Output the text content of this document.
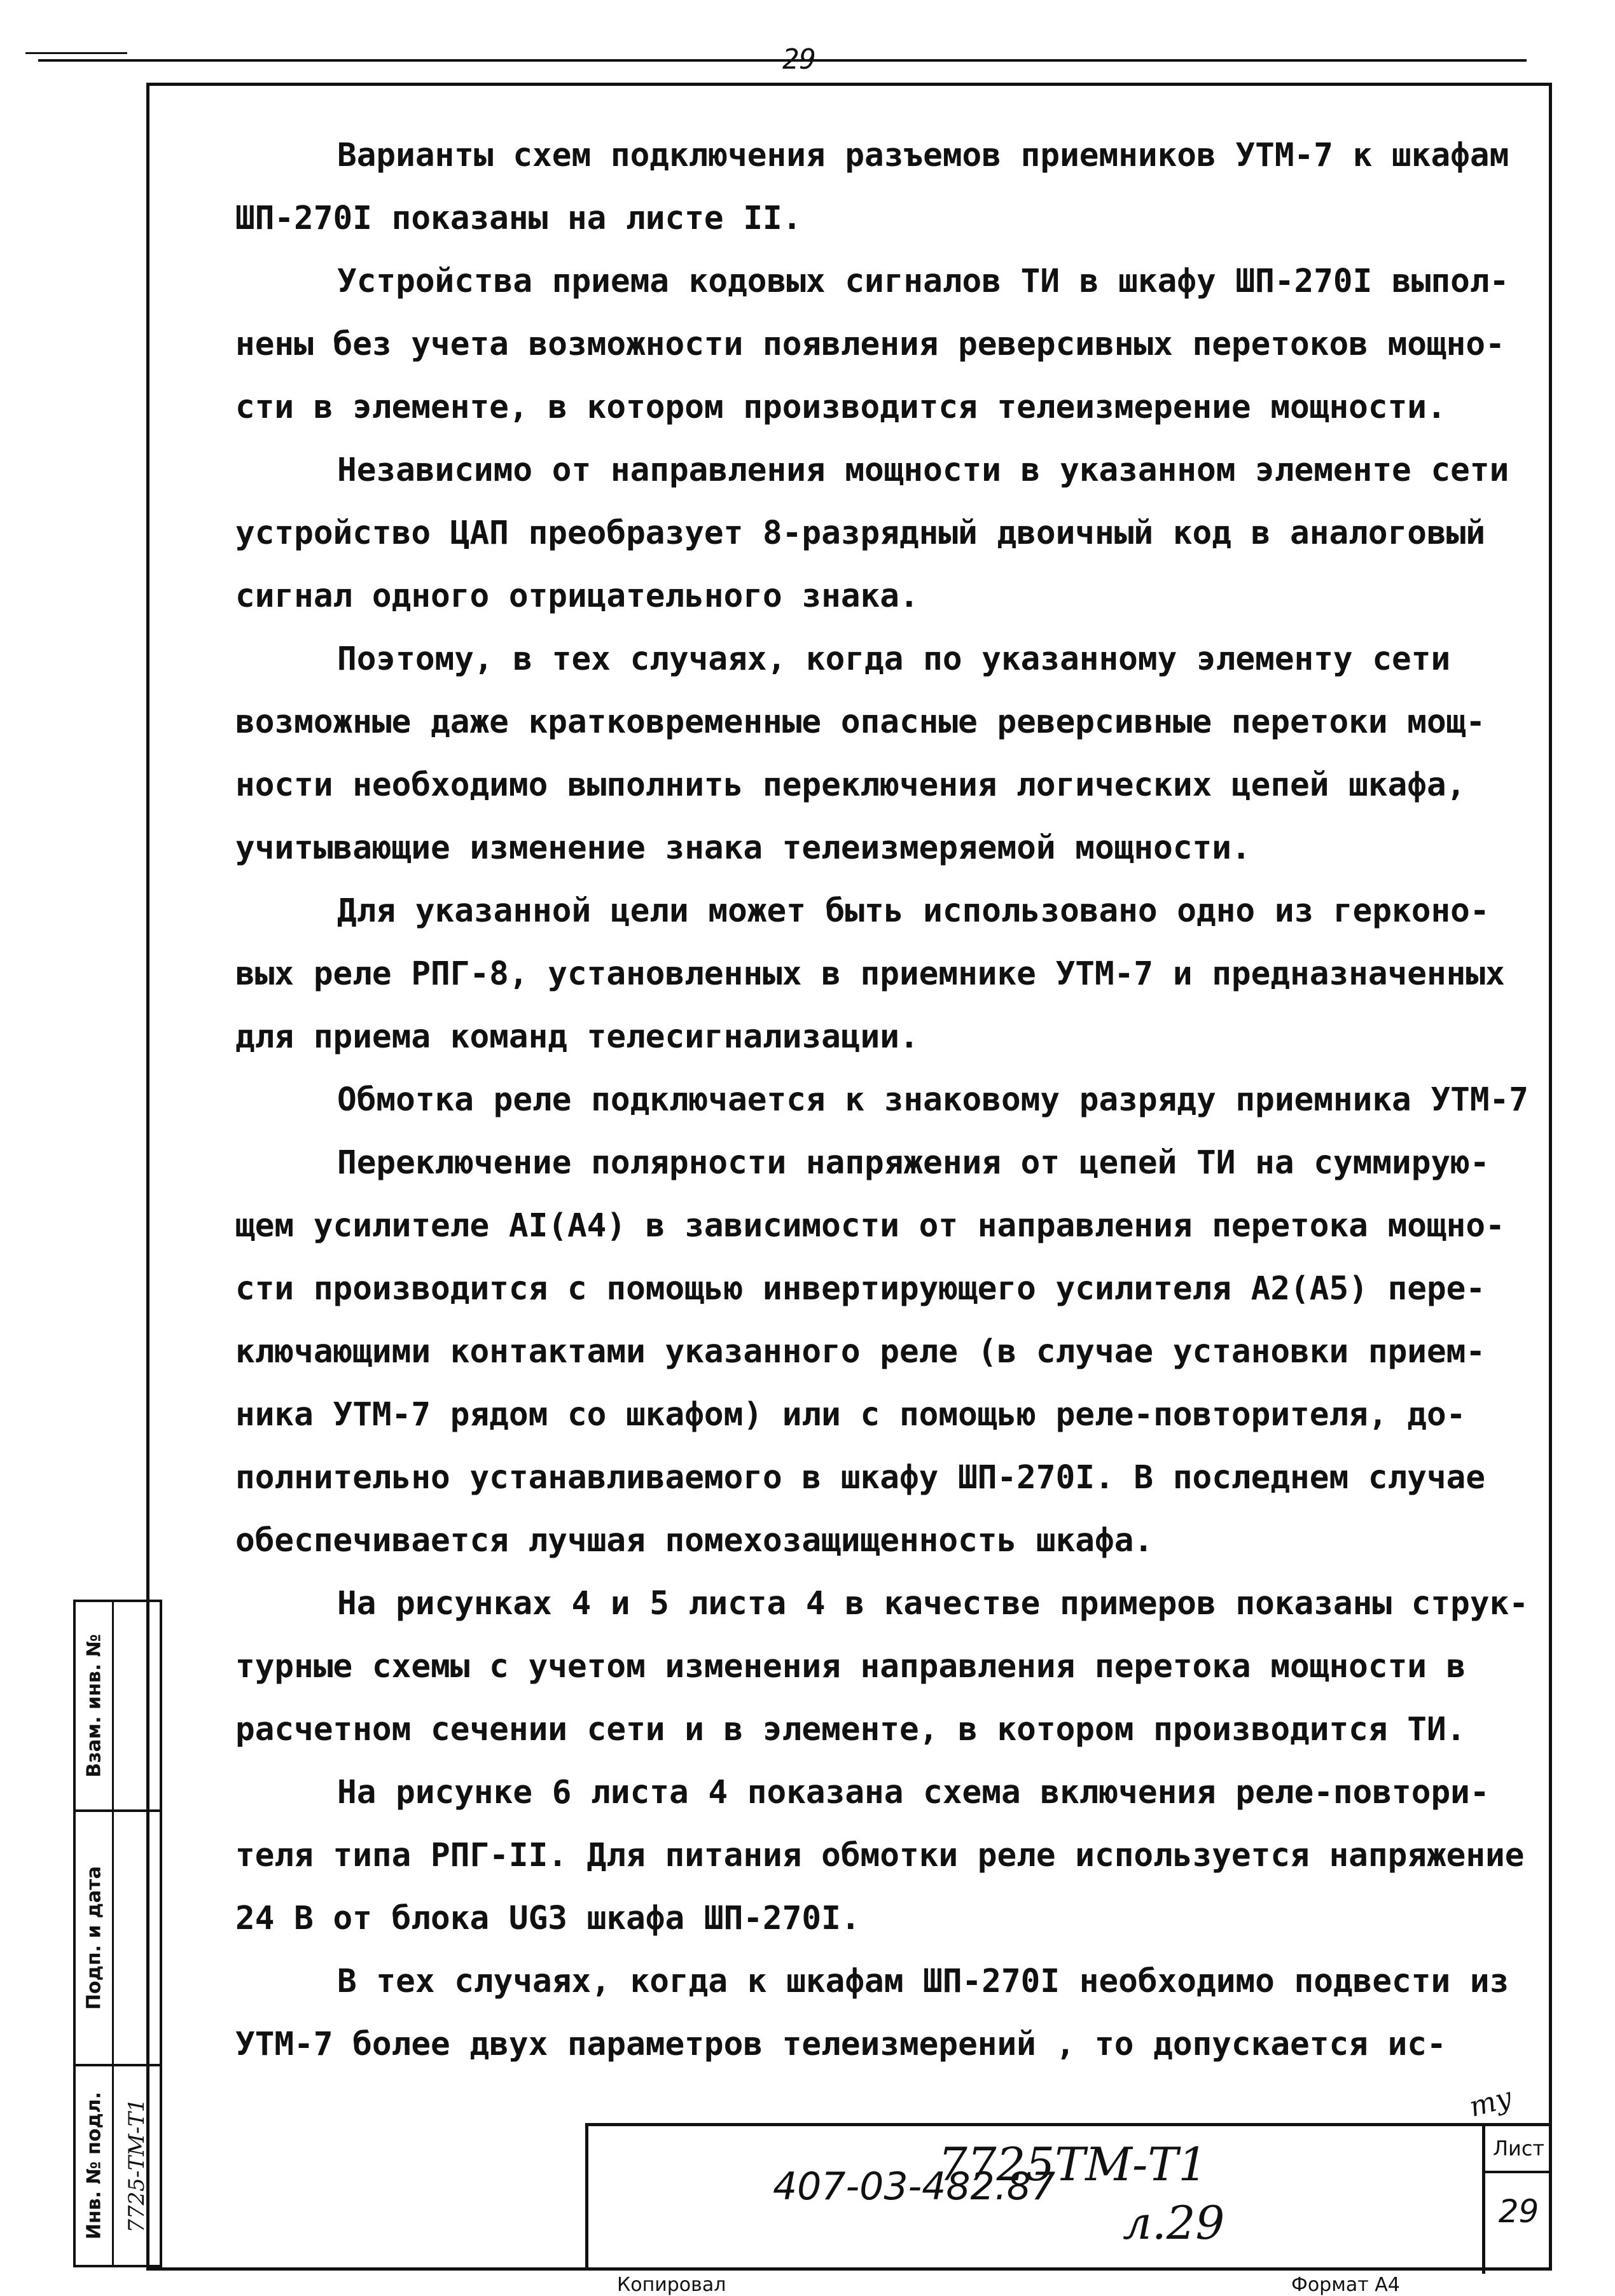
29
Варианты схем подключения разъемов приемников УТМ-7 к шкафам
ШП-270I показаны на листе II.
Устройства приема кодовых сигналов ТИ в шкафу ШП-270I выпол-
нены без учета возможности появления реверсивных перетоков мощно-
сти в элементе, в котором производится телеизмерение мощности.
Независимо от направления мощности в указанном элементе сети
устройство ЦАП преобразует 8-разрядный двоичный код в аналоговый
сигнал одного отрицательного знака.
Поэтому, в тех случаях, когда по указанному элементу сети
возможные даже кратковременные опасные реверсивные перетоки мощ-
ности необходимо выполнить переключения логических цепей шкафа,
учитывающие изменение знака телеизмеряемой мощности.
Для указанной цели может быть использовано одно из герконо-
вых реле РПГ-8, установленных в приемнике УТМ-7 и предназначенных
для приема команд телесигнализации.
Обмотка реле подключается к знаковому разряду приемника УТМ-7
Переключение полярности напряжения от цепей ТИ на суммирую-
щем усилителе АI(А4) в зависимости от направления перетока мощно-
сти производится с помощью инвертирующего усилителя А2(А5) пере-
ключающими контактами указанного реле (в случае установки прием-
ника УТМ-7 рядом со шкафом) или с помощью реле-повторителя, до-
полнительно устанавливаемого в шкафу ШП-270I. В последнем случае
обеспечивается лучшая помехозащищенность шкафа.
На рисунках 4 и 5 листа 4 в качестве примеров показаны струк-
турные схемы с учетом изменения направления перетока мощности в
расчетном сечении сети и в элементе, в котором производится ТИ.
На рисунке 6 листа 4 показана схема включения реле-повтори-
теля типа РПГ-II. Для питания обмотки реле используется напряжение
24 В от блока UG3 шкафа ШП-270I.
В тех случаях, когда к шкафам ШП-270I необходимо подвести из
УТМ-7 более двух параметров телеизмерений , то допускается ис-
ту
7725ТМ-Т1
407-03-482.87
л.29
Лист
29
Копировал	Формат А4
Взам. инв. №
Подп. и дата
Инв. № подл. 7725-ТМ-Т1
